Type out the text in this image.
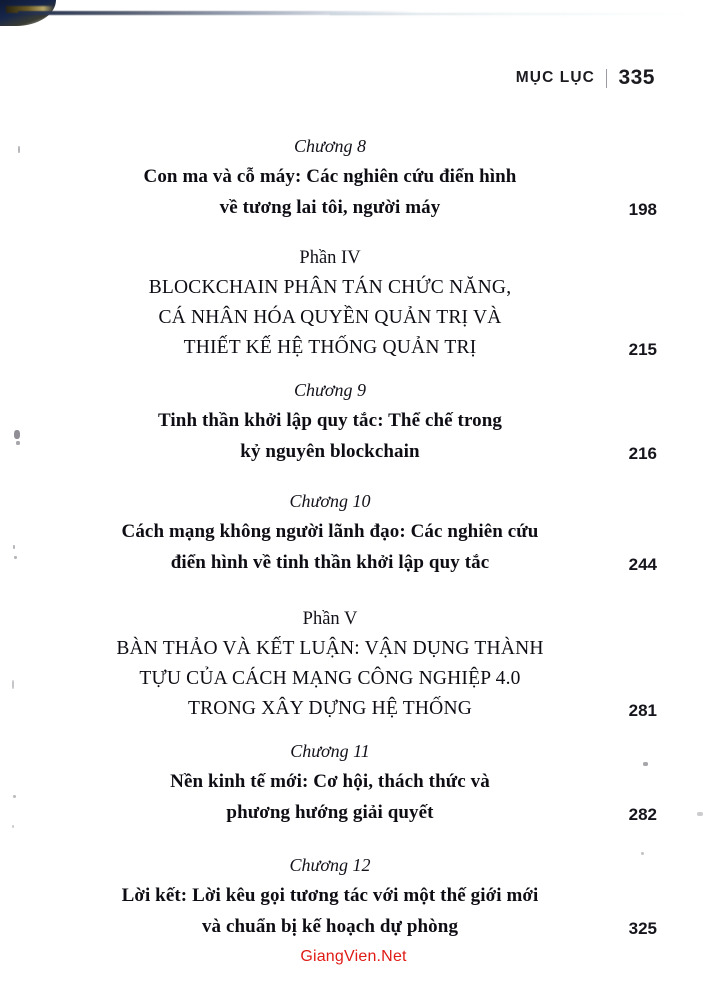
MỤC LỤC 335
Chương 8
Con ma và cỗ máy: Các nghiên cứu điển hình
về tương lai tôi, người máy	198
Phần IV
BLOCKCHAIN PHÂN TÁN CHỨC NĂNG,
CÁ NHÂN HÓA QUYỀN QUẢN TRỊ VÀ
THIẾT KẾ HỆ THỐNG QUẢN TRỊ	215
Chương 9
Tinh thần khởi lập quy tắc: Thể chế trong
kỷ nguyên blockchain	216
Chương 10
Cách mạng không người lãnh đạo: Các nghiên cứu
điển hình về tinh thần khởi lập quy tắc	244
Phần V
BÀN THẢO VÀ KẾT LUẬN: VẬN DỤNG THÀNH
TỰU CỦA CÁCH MẠNG CÔNG NGHIỆP 4.0
TRONG XÂY DỰNG HỆ THỐNG	281
Chương 11
Nền kinh tế mới: Cơ hội, thách thức và
phương hướng giải quyết	282
Chương 12
Lời kết: Lời kêu gọi tương tác với một thế giới mới
và chuẩn bị kế hoạch dự phòng	325
GiangVien.Net
